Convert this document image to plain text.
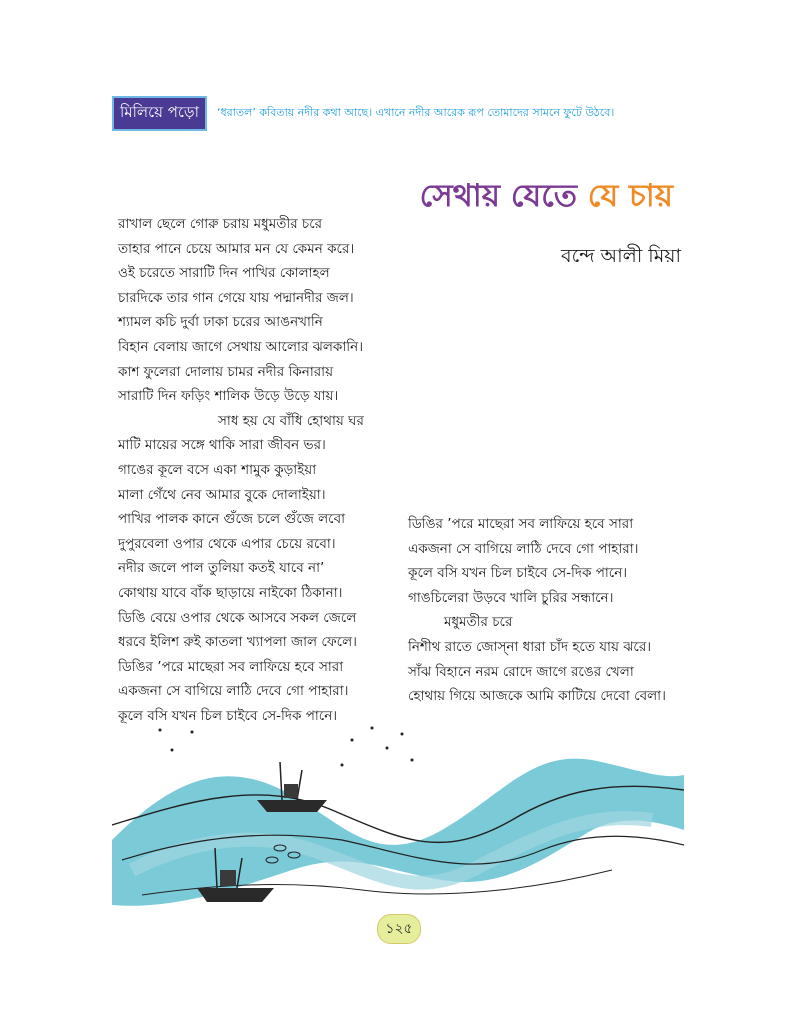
মিলিয়ে পড়ো	‘ধরাতল’ কবিতায় নদীর কথা আছে। এখানে নদীর আরেক রূপ তোমাদের সামনে ফুটে উঠবে।
সেথায় যেতে যে চায়
বন্দে আলী মিয়া
রাখাল ছেলে গোরু চরায় মধুমতীর চরে
তাহার পানে চেয়ে আমার মন যে কেমন করে।
ওই চরেতে সারাটি দিন পাখির কোলাহল
চারদিকে তার গান গেয়ে যায় পদ্মানদীর জল।
শ্যামল কচি দুর্বা ঢাকা চরের আঙনখানি
বিহান বেলায় জাগে সেথায় আলোর ঝলকানি।
কাশ ফুলেরা দোলায় চামর নদীর কিনারায়
সারাটি দিন ফড়িং শালিক উড়ে উড়ে যায়।
সাধ হয় যে বাঁধি হোথায় ঘর
মাটি মায়ের সঙ্গে থাকি সারা জীবন ভর।
গাঙের কূলে বসে একা শামুক কুড়াইয়া
মালা গেঁথে নেব আমার বুকে দোলাইয়া।
পাখির পালক কানে গুঁজে চলে গুঁজে লবো
দুপুরবেলা ওপার থেকে এপার চেয়ে রবো।
নদীর জলে পাল তুলিয়া কতই যাবে না’
কোথায় যাবে বাঁক ছাড়ায়ে নাইকো ঠিকানা।
ডিঙি বেয়ে ওপার থেকে আসবে সকল জেলে
ধরবে ইলিশ রুই কাতলা খ্যাপলা জাল ফেলে।
ডিঙির ’পরে মাছেরা সব লাফিয়ে হবে সারা
একজনা সে বাগিয়ে লাঠি দেবে গো পাহারা।
কূলে বসি যখন চিল চাইবে সে-দিক পানে।
ডিঙির ’পরে মাছেরা সব লাফিয়ে হবে সারা
একজনা সে বাগিয়ে লাঠি দেবে গো পাহারা।
কূলে বসি যখন চিল চাইবে সে-দিক পানে।
গাঙচিলেরা উড়বে খালি চুরির সন্ধানে।
মধুমতীর চরে
নিশীথ রাতে জোস্‌না ধারা চাঁদ হতে যায় ঝরে।
সাঁঝ বিহানে নরম রোদে জাগে রঙের খেলা
হোথায় গিয়ে আজকে আমি কাটিয়ে দেবো বেলা।
১২৫
